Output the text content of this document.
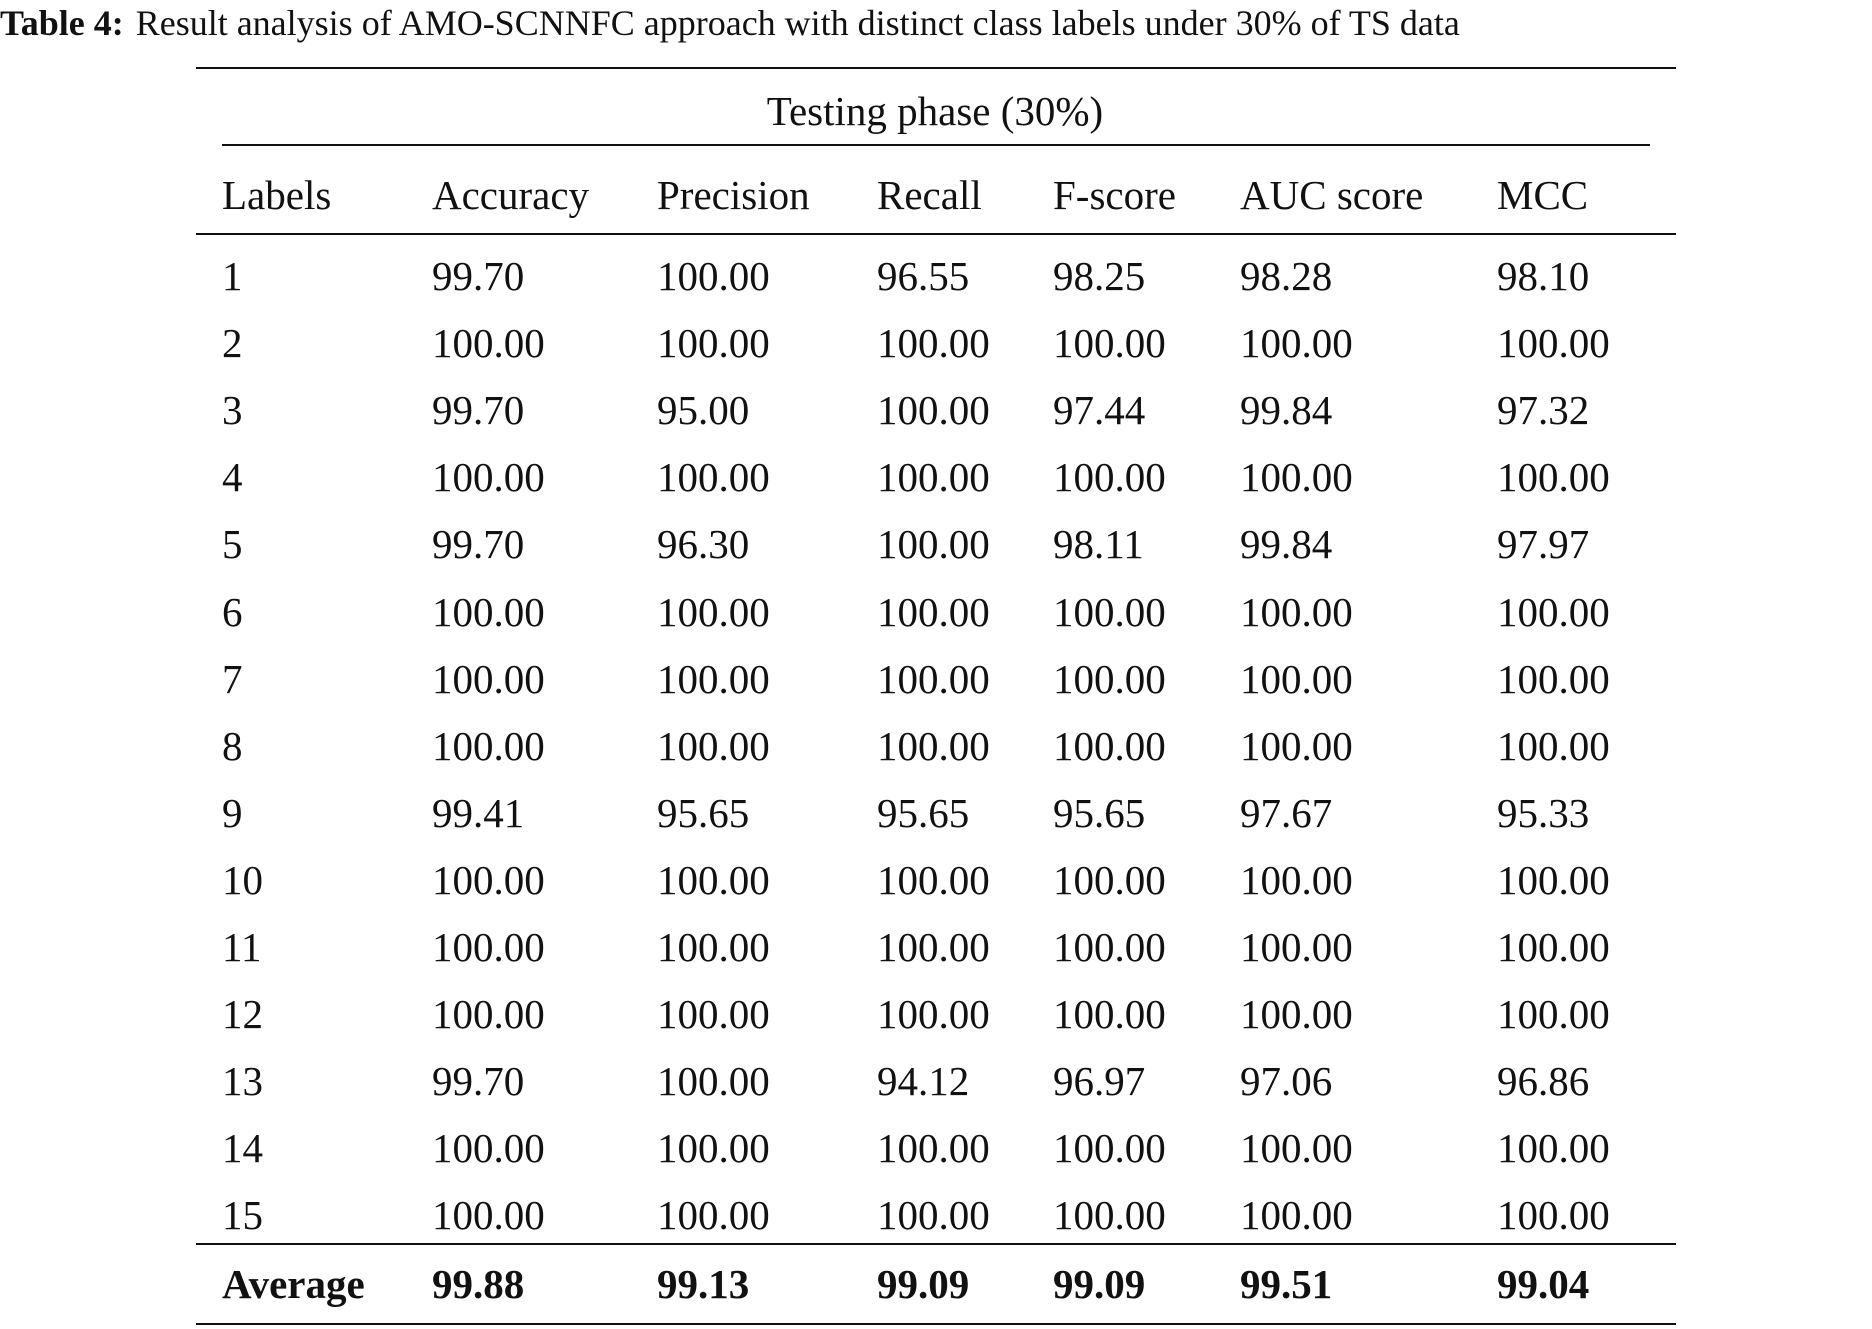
Table 4: Result analysis of AMO-SCNNFC approach with distinct class labels under 30% of TS data
Testing phase (30%)
Labels Accuracy Precision Recall F-score AUC score MCC
1	99.70	100.00	96.55 98.25 98.28	98.10
2	100.00	100.00	100.00 100.00 100.00	100.00
3	99.70	95.00	100.00 97.44 99.84	97.32
4	100.00	100.00	100.00 100.00 100.00	100.00
5	99.70	96.30	100.00 98.11 99.84	97.97
6	100.00	100.00	100.00 100.00 100.00	100.00
7	100.00	100.00	100.00 100.00 100.00	100.00
8	100.00	100.00	100.00 100.00 100.00	100.00
9	99.41	95.65	95.65 95.65 97.67	95.33
10	100.00	100.00	100.00 100.00 100.00	100.00
11	100.00	100.00	100.00 100.00 100.00	100.00
12	100.00	100.00	100.00 100.00 100.00	100.00
13	99.70	100.00	94.12 96.97 97.06	96.86
14	100.00	100.00	100.00 100.00 100.00	100.00
15	100.00	100.00	100.00 100.00 100.00	100.00
Average 99.88	99.13	99.09 99.09 99.51	99.04
